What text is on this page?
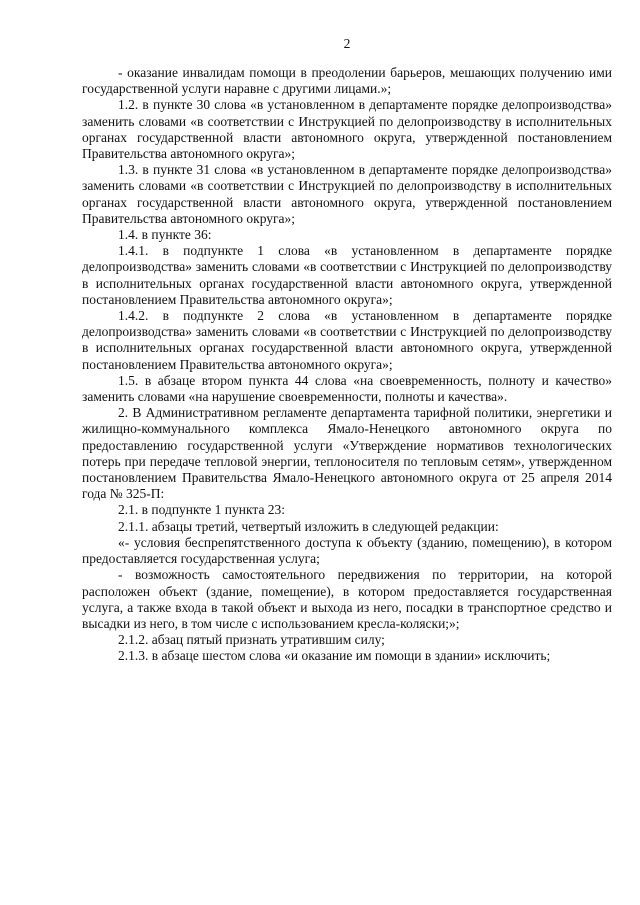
2

- оказание инвалидам помощи в преодолении барьеров, мешающих получению ими государственной услуги наравне с другими лицами.»;

1.2. в пункте 30 слова «в установленном в департаменте порядке делопроизводства» заменить словами «в соответствии с Инструкцией по делопроизводству в исполнительных органах государственной власти автономного округа, утвержденной постановлением Правительства автономного округа»;

1.3. в пункте 31 слова «в установленном в департаменте порядке делопроизводства» заменить словами «в соответствии с Инструкцией по делопроизводству в исполнительных органах государственной власти автономного округа, утвержденной постановлением Правительства автономного округа»;

1.4. в пункте 36:

1.4.1. в подпункте 1 слова «в установленном в департаменте порядке делопроизводства» заменить словами «в соответствии с Инструкцией по делопроизводству в исполнительных органах государственной власти автономного округа, утвержденной постановлением Правительства автономного округа»;

1.4.2. в подпункте 2 слова «в установленном в департаменте порядке делопроизводства» заменить словами «в соответствии с Инструкцией по делопроизводству в исполнительных органах государственной власти автономного округа, утвержденной постановлением Правительства автономного округа»;

1.5. в абзаце втором пункта 44 слова «на своевременность, полноту и качество» заменить словами «на нарушение своевременности, полноты и качества».

2. В Административном регламенте департамента тарифной политики, энергетики и жилищно-коммунального комплекса Ямало-Ненецкого автономного округа по предоставлению государственной услуги «Утверждение нормативов технологических потерь при передаче тепловой энергии, теплоносителя по тепловым сетям», утвержденном постановлением Правительства Ямало-Ненецкого автономного округа от 25 апреля 2014 года № 325-П:

2.1. в подпункте 1 пункта 23:

2.1.1. абзацы третий, четвертый изложить в следующей редакции:

«- условия беспрепятственного доступа к объекту (зданию, помещению), в котором предоставляется государственная услуга;

- возможность самостоятельного передвижения по территории, на которой расположен объект (здание, помещение), в котором предоставляется государственная услуга, а также входа в такой объект и выхода из него, посадки в транспортное средство и высадки из него, в том числе с использованием кресла-коляски;»;

2.1.2. абзац пятый признать утратившим силу;

2.1.3. в абзаце шестом слова «и оказание им помощи в здании» исключить;
